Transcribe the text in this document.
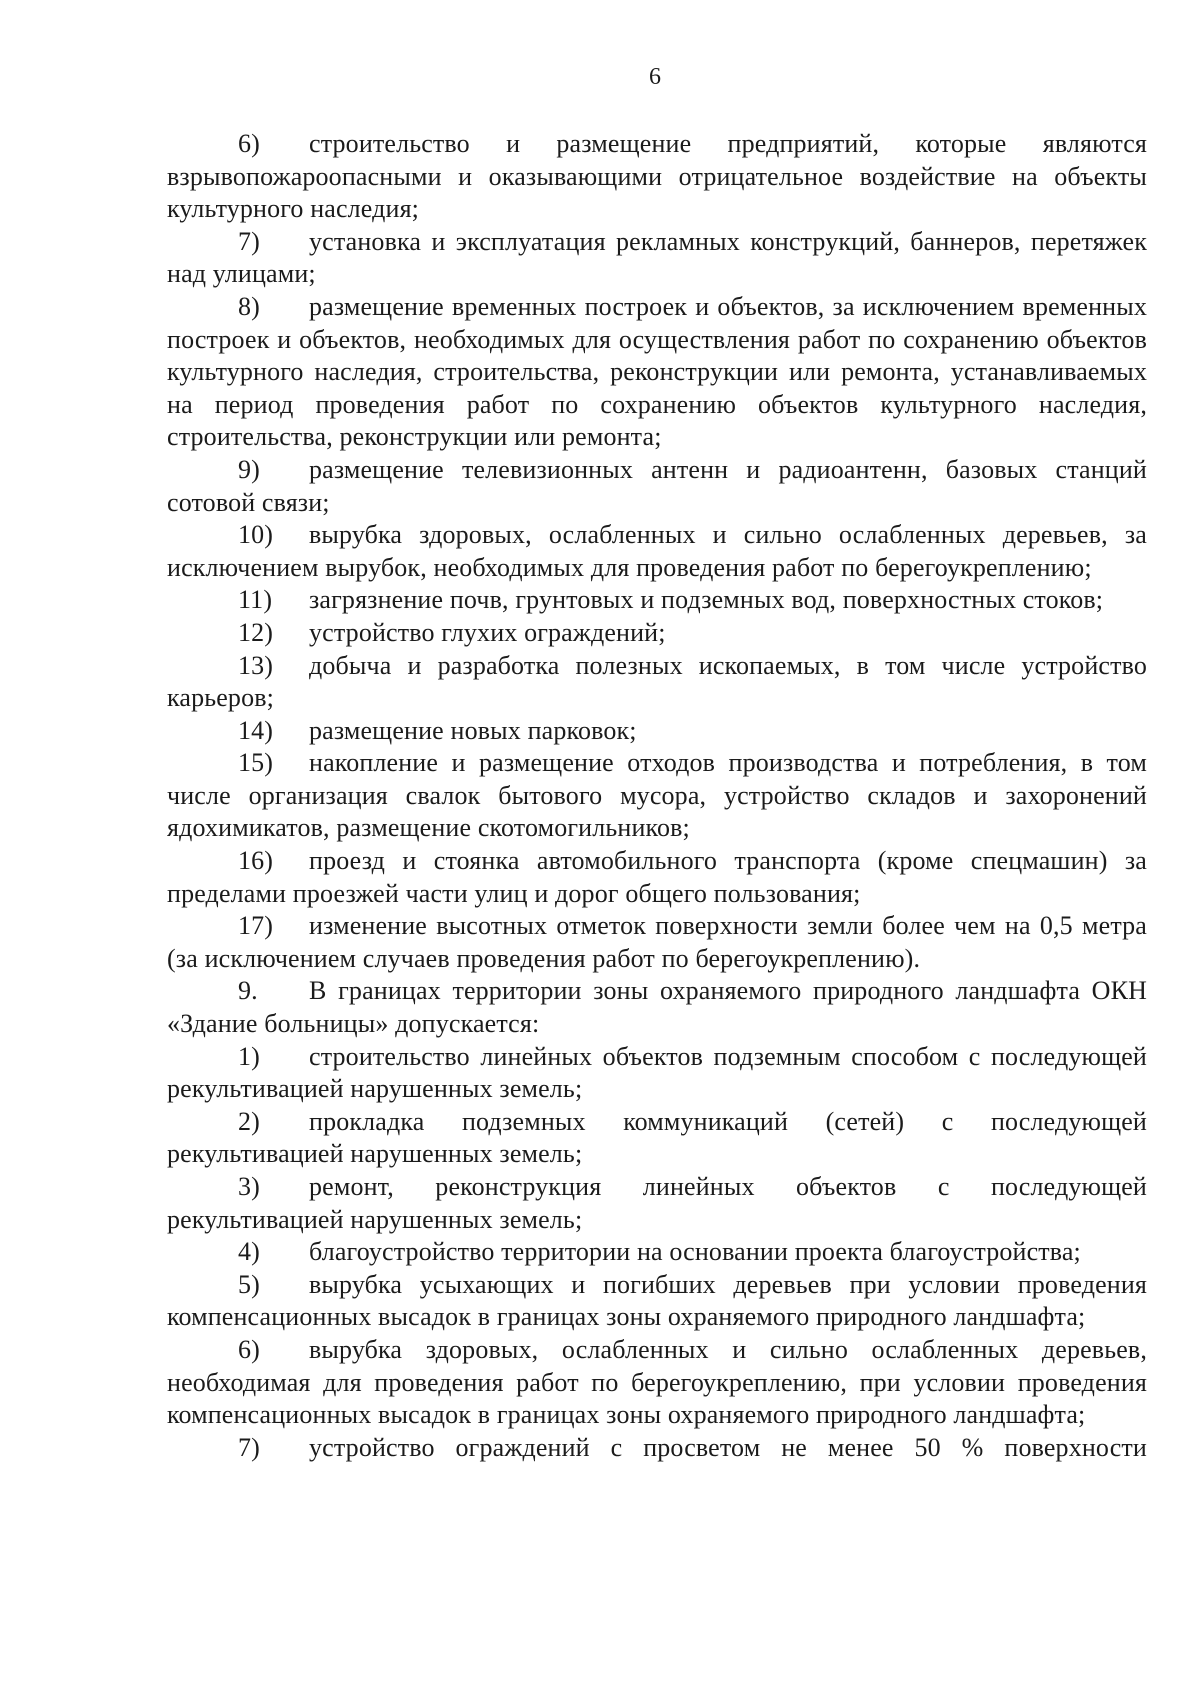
6

6) строительство и размещение предприятий, которые являются взрывопожароопасными и оказывающими отрицательное воздействие на объекты культурного наследия;

7) установка и эксплуатация рекламных конструкций, баннеров, перетяжек над улицами;

8) размещение временных построек и объектов, за исключением временных построек и объектов, необходимых для осуществления работ по сохранению объектов культурного наследия, строительства, реконструкции или ремонта, устанавливаемых на период проведения работ по сохранению объектов культурного наследия, строительства, реконструкции или ремонта;

9) размещение телевизионных антенн и радиоантенн, базовых станций сотовой связи;

10) вырубка здоровых, ослабленных и сильно ослабленных деревьев, за исключением вырубок, необходимых для проведения работ по берегоукреплению;

11) загрязнение почв, грунтовых и подземных вод, поверхностных стоков;

12) устройство глухих ограждений;

13) добыча и разработка полезных ископаемых, в том числе устройство карьеров;

14) размещение новых парковок;

15) накопление и размещение отходов производства и потребления, в том числе организация свалок бытового мусора, устройство складов и захоронений ядохимикатов, размещение скотомогильников;

16) проезд и стоянка автомобильного транспорта (кроме спецмашин) за пределами проезжей части улиц и дорог общего пользования;

17) изменение высотных отметок поверхности земли более чем на 0,5 метра (за исключением случаев проведения работ по берегоукреплению).

9. В границах территории зоны охраняемого природного ландшафта ОКН «Здание больницы» допускается:

1) строительство линейных объектов подземным способом с последующей рекультивацией нарушенных земель;

2) прокладка подземных коммуникаций (сетей) с последующей рекультивацией нарушенных земель;

3) ремонт, реконструкция линейных объектов с последующей рекультивацией нарушенных земель;

4) благоустройство территории на основании проекта благоустройства;

5) вырубка усыхающих и погибших деревьев при условии проведения компенсационных высадок в границах зоны охраняемого природного ландшафта;

6) вырубка здоровых, ослабленных и сильно ослабленных деревьев, необходимая для проведения работ по берегоукреплению, при условии проведения компенсационных высадок в границах зоны охраняемого природного ландшафта;

7) устройство ограждений с просветом не менее 50 % поверхности
